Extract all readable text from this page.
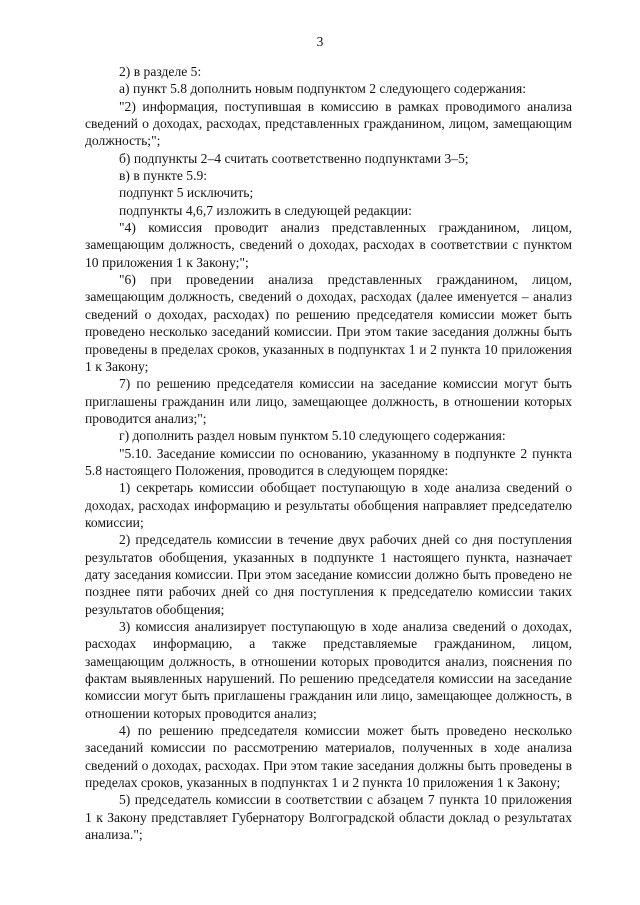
3

2) в разделе 5:

а) пункт 5.8 дополнить новым подпунктом 2 следующего содержания:

"2) информация, поступившая в комиссию в рамках проводимого анализа сведений о доходах, расходах, представленных гражданином, лицом, замещающим должность;";

б) подпункты 2–4 считать соответственно подпунктами 3–5;

в) в пункте 5.9:

подпункт 5 исключить;

подпункты 4,6,7 изложить в следующей редакции:

"4) комиссия проводит анализ представленных гражданином, лицом, замещающим должность, сведений о доходах, расходах в соответствии с пунктом 10 приложения 1 к Закону;";

"6) при проведении анализа представленных гражданином, лицом, замещающим должность, сведений о доходах, расходах (далее именуется – анализ сведений о доходах, расходах) по решению председателя комиссии может быть проведено несколько заседаний комиссии. При этом такие заседания должны быть проведены в пределах сроков, указанных в подпунктах 1 и 2 пункта 10 приложения 1 к Закону;

7) по решению председателя комиссии на заседание комиссии могут быть приглашены гражданин или лицо, замещающее должность, в отношении которых проводится анализ;";

г) дополнить раздел новым пунктом 5.10 следующего содержания:

"5.10. Заседание комиссии по основанию, указанному в подпункте 2 пункта 5.8 настоящего Положения, проводится в следующем порядке:

1) секретарь комиссии обобщает поступающую в ходе анализа сведений о доходах, расходах информацию и результаты обобщения направляет председателю комиссии;

2) председатель комиссии в течение двух рабочих дней со дня поступления результатов обобщения, указанных в подпункте 1 настоящего пункта, назначает дату заседания комиссии. При этом заседание комиссии должно быть проведено не позднее пяти рабочих дней со дня поступления к председателю комиссии таких результатов обобщения;

3) комиссия анализирует поступающую в ходе анализа сведений о доходах, расходах информацию, а также представляемые гражданином, лицом, замещающим должность, в отношении которых проводится анализ, пояснения по фактам выявленных нарушений. По решению председателя комиссии на заседание комиссии могут быть приглашены гражданин или лицо, замещающее должность, в отношении которых проводится анализ;

4) по решению председателя комиссии может быть проведено несколько заседаний комиссии по рассмотрению материалов, полученных в ходе анализа сведений о доходах, расходах. При этом такие заседания должны быть проведены в пределах сроков, указанных в подпунктах 1 и 2 пункта 10 приложения 1 к Закону;

5) председатель комиссии в соответствии с абзацем 7 пункта 10 приложения 1 к Закону представляет Губернатору Волгоградской области доклад о результатах анализа.";
